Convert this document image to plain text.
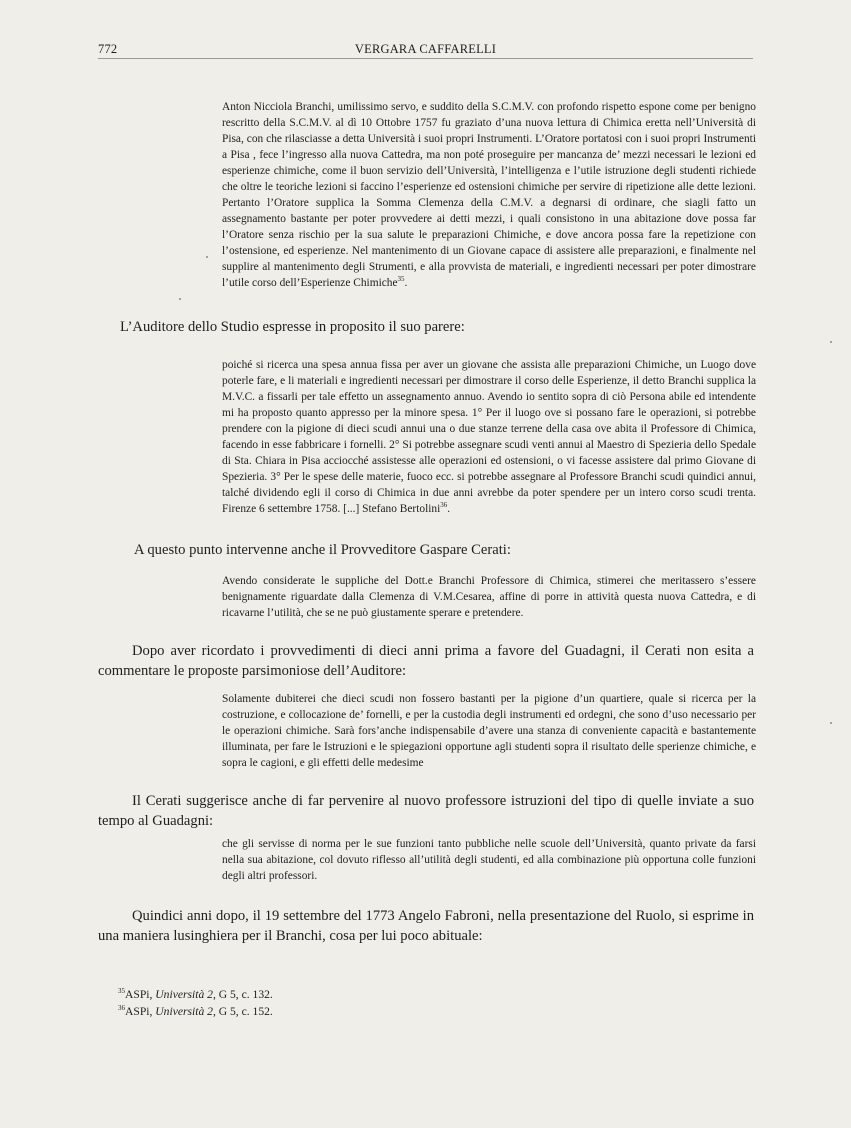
772	VERGARA CAFFARELLI

Anton Nicciola Branchi, umilissimo servo, e suddito della S.C.M.V. con profondo rispetto espone come per benigno rescritto della S.C.M.V. al dì 10 Ottobre 1757 fu graziato d’una nuova lettura di Chimica eretta nell’Università di Pisa, con che rilasciasse a detta Università i suoi propri Instrumenti. L’Oratore portatosi con i suoi propri Instrumenti a Pisa , fece l’ingresso alla nuova Cattedra, ma non poté proseguire per mancanza de’ mezzi necessari le lezioni ed esperienze chimiche, come il buon servizio dell’Università, l’intelligenza e l’utile istruzione degli studenti richiede che oltre le teoriche lezioni si faccino l’esperienze ed ostensioni chimiche per servire di ripetizione alle dette lezioni. Pertanto l’Oratore supplica la Somma Clemenza della C.M.V. a degnarsi di ordinare, che siagli fatto un assegnamento bastante per poter provvedere ai detti mezzi, i quali consistono in una abitazione dove possa far l’Oratore senza rischio per la sua salute le preparazioni Chimiche, e dove ancora possa fare la repetizione con l’ostensione, ed esperienze. Nel mantenimento di un Giovane capace di assistere alle preparazioni, e finalmente nel supplire al mantenimento degli Strumenti, e alla provvista de materiali, e ingredienti necessari per poter dimostrare l’utile corso dell’Esperienze Chimiche$^{35}$.

L’Auditore dello Studio espresse in proposito il suo parere:

poiché si ricerca una spesa annua fissa per aver un giovane che assista alle preparazioni Chimiche, un Luogo dove poterle fare, e li materiali e ingredienti necessari per dimostrare il corso delle Esperienze, il detto Branchi supplica la M.V.C. a fissarli per tale effetto un assegnamento annuo. Avendo io sentito sopra di ciò Persona abile ed intendente mi ha proposto quanto appresso per la minore spesa. 1° Per il luogo ove si possano fare le operazioni, si potrebbe prendere con la pigione di dieci scudi annui una o due stanze terrene della casa ove abita il Professore di Chimica, facendo in esse fabbricare i fornelli. 2° Si potrebbe assegnare scudi venti annui al Maestro di Spezieria dello Spedale di Sta. Chiara in Pisa acciocché assistesse alle operazioni ed ostensioni, o vi facesse assistere dal primo Giovane di Spezieria. 3° Per le spese delle materie, fuoco ecc. si potrebbe assegnare al Professore Branchi scudi quindici annui, talché dividendo egli il corso di Chimica in due anni avrebbe da poter spendere per un intero corso scudi trenta. Firenze 6 settembre 1758. [...] Stefano Bertolini$^{36}$.

A questo punto intervenne anche il Provveditore Gaspare Cerati:

Avendo considerate le suppliche del Dott.e Branchi Professore di Chimica, stimerei che meritassero s’essere benignamente riguardate dalla Clemenza di V.M.Cesarea, affine di porre in attività questa nuova Cattedra, e di ricavarne l’utilità, che se ne può giustamente sperare e pretendere.

Dopo aver ricordato i provvedimenti di dieci anni prima a favore del Guadagni, il Cerati non esita a commentare le proposte parsimoniose dell’Auditore:

Solamente dubiterei che dieci scudi non fossero bastanti per la pigione d’un quartiere, quale si ricerca per la costruzione, e collocazione de’ fornelli, e per la custodia degli instrumenti ed ordegni, che sono d’uso necessario per le operazioni chimiche. Sarà fors’anche indispensabile d’avere una stanza di conveniente capacità e bastantemente illuminata, per fare le Istruzioni e le spiegazioni opportune agli studenti sopra il risultato delle sperienze chimiche, e sopra le cagioni, e gli effetti delle medesime

Il Cerati suggerisce anche di far pervenire al nuovo professore istruzioni del tipo di quelle inviate a suo tempo al Guadagni:

che gli servisse di norma per le sue funzioni tanto pubbliche nelle scuole dell’Università, quanto private da farsi nella sua abitazione, col dovuto riflesso all’utilità degli studenti, ed alla combinazione più opportuna colle funzioni degli altri professori.

Quindici anni dopo, il 19 settembre del 1773 Angelo Fabroni, nella presentazione del Ruolo, si esprime in una maniera lusinghiera per il Branchi, cosa per lui poco abituale:

$^{35}$ASPi, Università 2, G 5, c. 132.
$^{36}$ASPi, Università 2, G 5, c. 152.
